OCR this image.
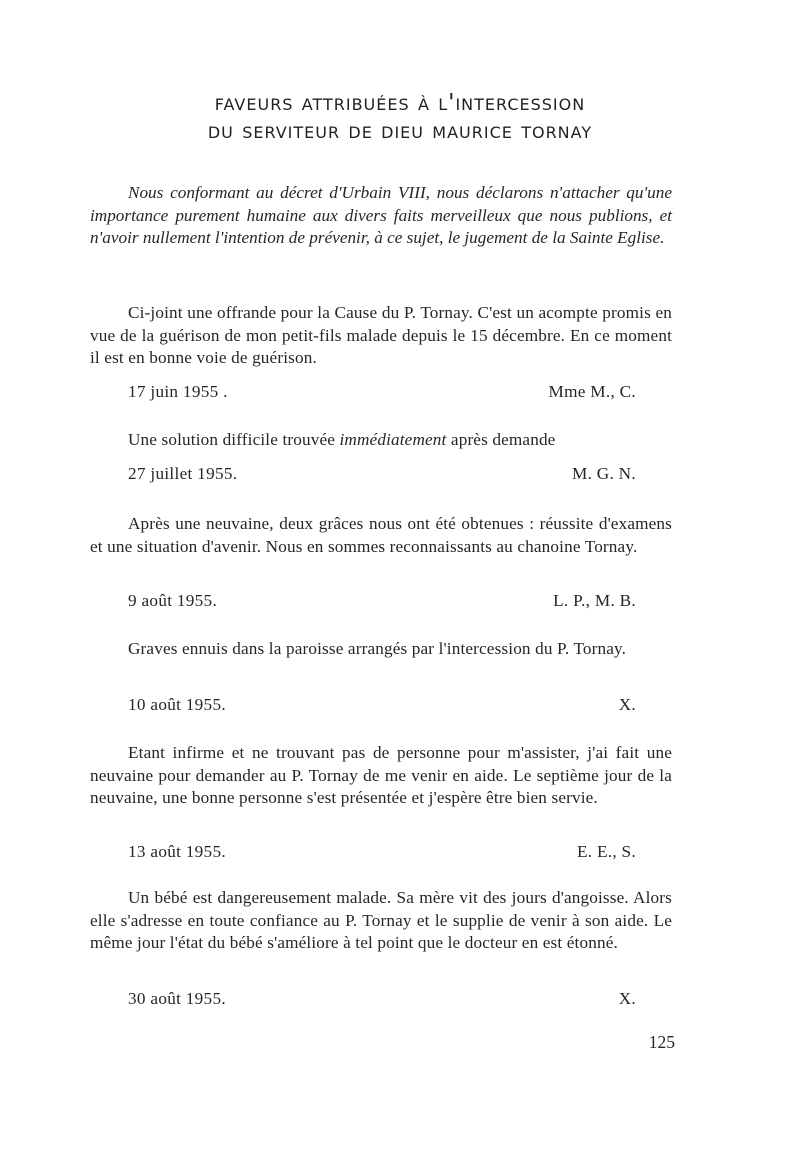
faveurs attribuées à l'intercession
du serviteur de dieu maurice tornay
Nous conformant au décret d'Urbain VIII, nous déclarons n'attacher qu'une importance purement humaine aux divers faits merveilleux que nous publions, et n'avoir nullement l'intention de prévenir, à ce sujet, le jugement de la Sainte Eglise.
Ci-joint une offrande pour la Cause du P. Tornay. C'est un acompte promis en vue de la guérison de mon petit-fils malade depuis le 15 décembre. En ce moment il est en bonne voie de guérison.
17 juin 1955 .	Mme M., C.
Une solution difficile trouvée immédiatement après demande
27 juillet 1955.	M. G. N.
Après une neuvaine, deux grâces nous ont été obtenues : réussite d'examens et une situation d'avenir. Nous en sommes reconnaissants au chanoine Tornay.
9 août 1955.	L. P., M. B.
Graves ennuis dans la paroisse arrangés par l'intercession du P. Tornay.
10 août 1955.	X.
Etant infirme et ne trouvant pas de personne pour m'assister, j'ai fait une neuvaine pour demander au P. Tornay de me venir en aide. Le septième jour de la neuvaine, une bonne personne s'est présentée et j'espère être bien servie.
13 août 1955.	E. E., S.
Un bébé est dangereusement malade. Sa mère vit des jours d'angoisse. Alors elle s'adresse en toute confiance au P. Tornay et le supplie de venir à son aide. Le même jour l'état du bébé s'améliore à tel point que le docteur en est étonné.
30 août 1955.	X.
125
